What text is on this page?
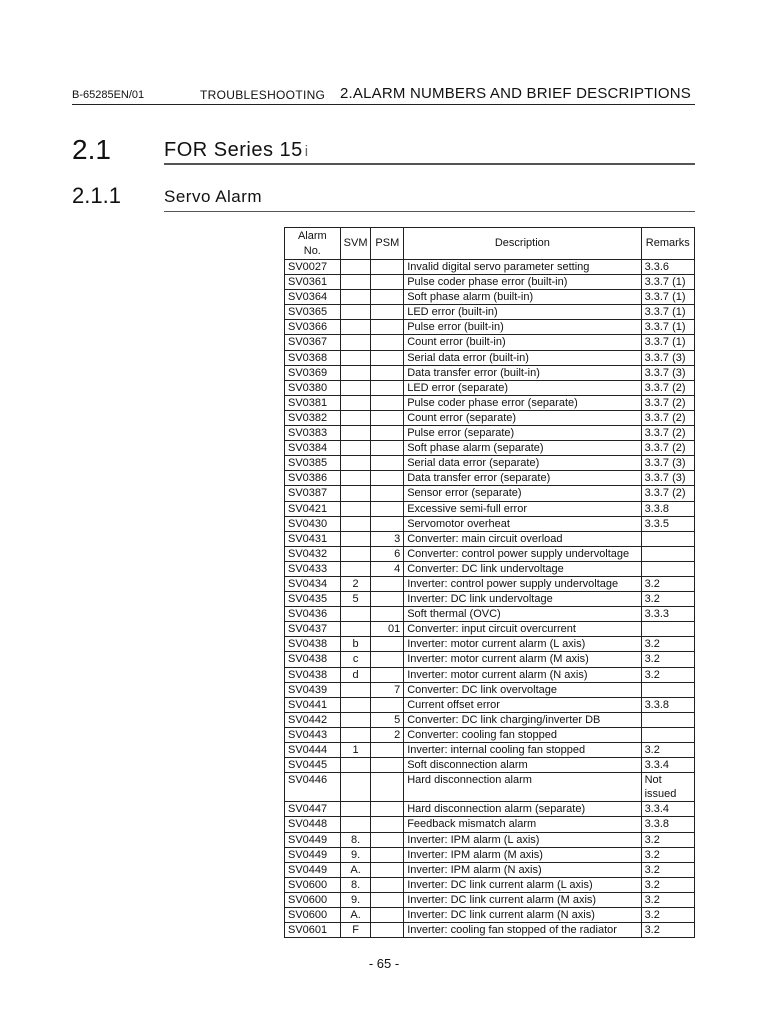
B-65285EN/01	TROUBLESHOOTING 2.ALARM NUMBERS AND BRIEF DESCRIPTIONS
2.1	FOR Series 15 i
2.1.1	Servo Alarm
Alarm
No.	SVM	PSM	Description	Remarks
SV0027			Invalid digital servo parameter setting	3.3.6
SV0361			Pulse coder phase error (built-in)	3.3.7 (1)
SV0364			Soft phase alarm (built-in)	3.3.7 (1)
SV0365			LED error (built-in)	3.3.7 (1)
SV0366			Pulse error (built-in)	3.3.7 (1)
SV0367			Count error (built-in)	3.3.7 (1)
SV0368			Serial data error (built-in)	3.3.7 (3)
SV0369			Data transfer error (built-in)	3.3.7 (3)
SV0380			LED error (separate)	3.3.7 (2)
SV0381			Pulse coder phase error (separate)	3.3.7 (2)
SV0382			Count error (separate)	3.3.7 (2)
SV0383			Pulse error (separate)	3.3.7 (2)
SV0384			Soft phase alarm (separate)	3.3.7 (2)
SV0385			Serial data error (separate)	3.3.7 (3)
SV0386			Data transfer error (separate)	3.3.7 (3)
SV0387			Sensor error (separate)	3.3.7 (2)
SV0421			Excessive semi-full error	3.3.8
SV0430			Servomotor overheat	3.3.5
SV0431		3	Converter: main circuit overload	
SV0432		6	Converter: control power supply undervoltage	
SV0433		4	Converter: DC link undervoltage	
SV0434	2		Inverter: control power supply undervoltage	3.2
SV0435	5		Inverter: DC link undervoltage	3.2
SV0436			Soft thermal (OVC)	3.3.3
SV0437		01	Converter: input circuit overcurrent	
SV0438	b		Inverter: motor current alarm (L axis)	3.2
SV0438	c		Inverter: motor current alarm (M axis)	3.2
SV0438	d		Inverter: motor current alarm (N axis)	3.2
SV0439		7	Converter: DC link overvoltage	
SV0441			Current offset error	3.3.8
SV0442		5	Converter: DC link charging/inverter DB	
SV0443		2	Converter: cooling fan stopped	
SV0444	1		Inverter: internal cooling fan stopped	3.2
SV0445			Soft disconnection alarm	3.3.4
SV0446			Hard disconnection alarm	Not issued
SV0447			Hard disconnection alarm (separate)	3.3.4
SV0448			Feedback mismatch alarm	3.3.8
SV0449	8.		Inverter: IPM alarm (L axis)	3.2
SV0449	9.		Inverter: IPM alarm (M axis)	3.2
SV0449	A.		Inverter: IPM alarm (N axis)	3.2
SV0600	8.		Inverter: DC link current alarm (L axis)	3.2
SV0600	9.		Inverter: DC link current alarm (M axis)	3.2
SV0600	A.		Inverter: DC link current alarm (N axis)	3.2
SV0601	F		Inverter: cooling fan stopped of the radiator	3.2
- 65 -
